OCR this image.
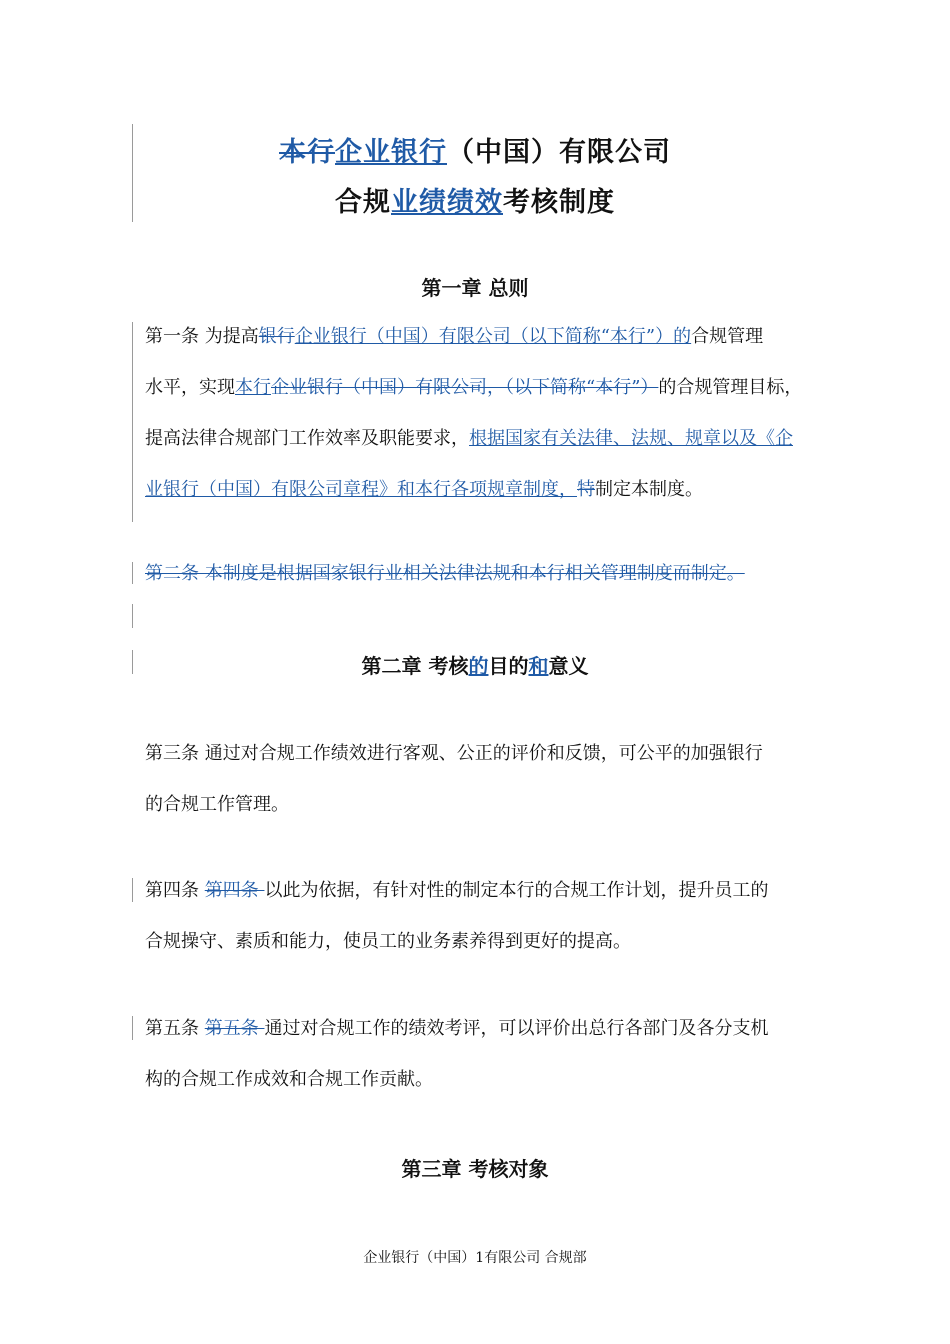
本行企业银行（中国）有限公司
合规业绩绩效考核制度
第一章 总则
第一条 为提高银行企业银行（中国）有限公司（以下简称“本行”）的合规管理
水平，实现本行企业银行（中国）有限公司，（以下简称“本行”）的合规管理目标，
提高法律合规部门工作效率及职能要求，根据国家有关法律、法规、规章以及《企
业银行（中国）有限公司章程》和本行各项规章制度，特制定本制度。
第二条 本制度是根据国家银行业相关法律法规和本行相关管理制度而制定。
第二章 考核的目的和意义
第三条 通过对合规工作绩效进行客观、公正的评价和反馈，可公平的加强银行
的合规工作管理。
第四条 第四条 以此为依据，有针对性的制定本行的合规工作计划，提升员工的
合规操守、素质和能力，使员工的业务素养得到更好的提高。
第五条 第五条 通过对合规工作的绩效考评，可以评价出总行各部门及各分支机
构的合规工作成效和合规工作贡献。
第三章 考核对象
企业银行（中国）1有限公司 合规部
